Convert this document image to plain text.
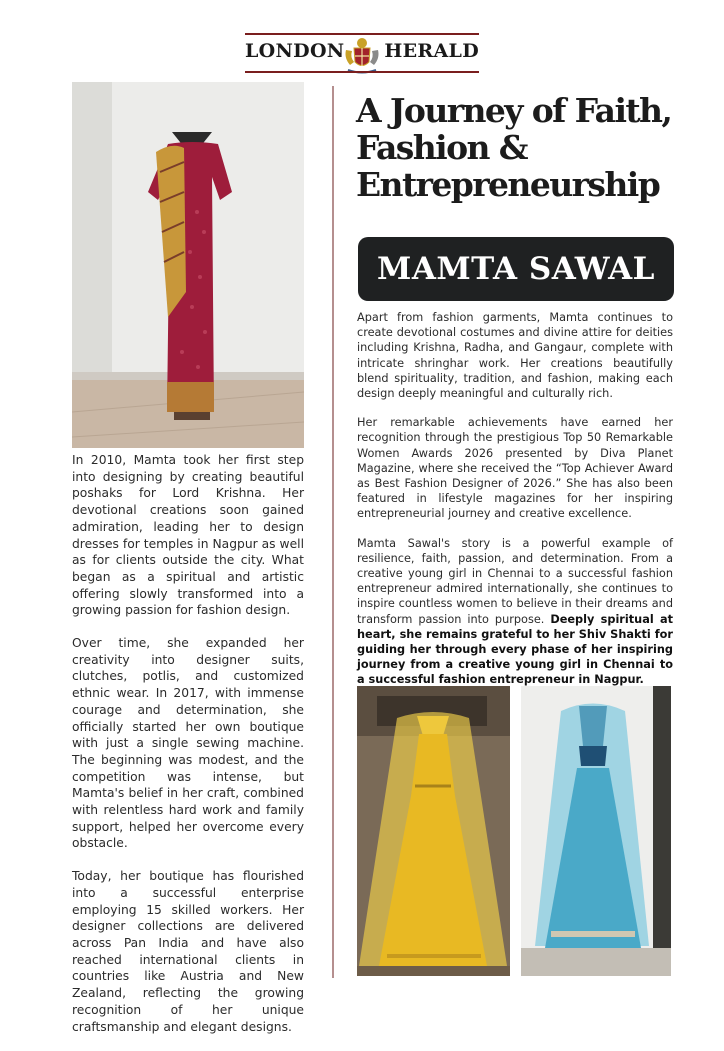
LONDON HERALD

In 2010, Mamta took her first step into designing by creating beautiful poshaks for Lord Krishna. Her devotional creations soon gained admiration, leading her to design dresses for temples in Nagpur as well as for clients outside the city. What began as a spiritual and artistic offering slowly transformed into a growing passion for fashion design.

Over time, she expanded her creativity into designer suits, clutches, potlis, and customized ethnic wear. In 2017, with immense courage and determination, she officially started her own boutique with just a single sewing machine. The beginning was modest, and the competition was intense, but Mamta's belief in her craft, combined with relentless hard work and family support, helped her overcome every obstacle.

Today, her boutique has flourished into a successful enterprise employing 15 skilled workers. Her designer collections are delivered across Pan India and have also reached international clients in countries like Austria and New Zealand, reflecting the growing recognition of her unique craftsmanship and elegant designs.

A Journey of Faith,
Fashion &
Entrepreneurship
MAMTA SAWAL

Apart from fashion garments, Mamta continues to create devotional costumes and divine attire for deities including Krishna, Radha, and Gangaur, complete with intricate shringhar work. Her creations beautifully blend spirituality, tradition, and fashion, making each design deeply meaningful and culturally rich.

Her remarkable achievements have earned her recognition through the prestigious Top 50 Remarkable Women Awards 2026 presented by Diva Planet Magazine, where she received the “Top Achiever Award as Best Fashion Designer of 2026.” She has also been featured in lifestyle magazines for her inspiring entrepreneurial journey and creative excellence.

Mamta Sawal's story is a powerful example of resilience, faith, passion, and determination. From a creative young girl in Chennai to a successful fashion entrepreneur admired internationally, she continues to inspire countless women to believe in their dreams and transform passion into purpose. Deeply spiritual at heart, she remains grateful to her Shiv Shakti for guiding her through every phase of her inspiring journey from a creative young girl in Chennai to a successful fashion entrepreneur in Nagpur.
